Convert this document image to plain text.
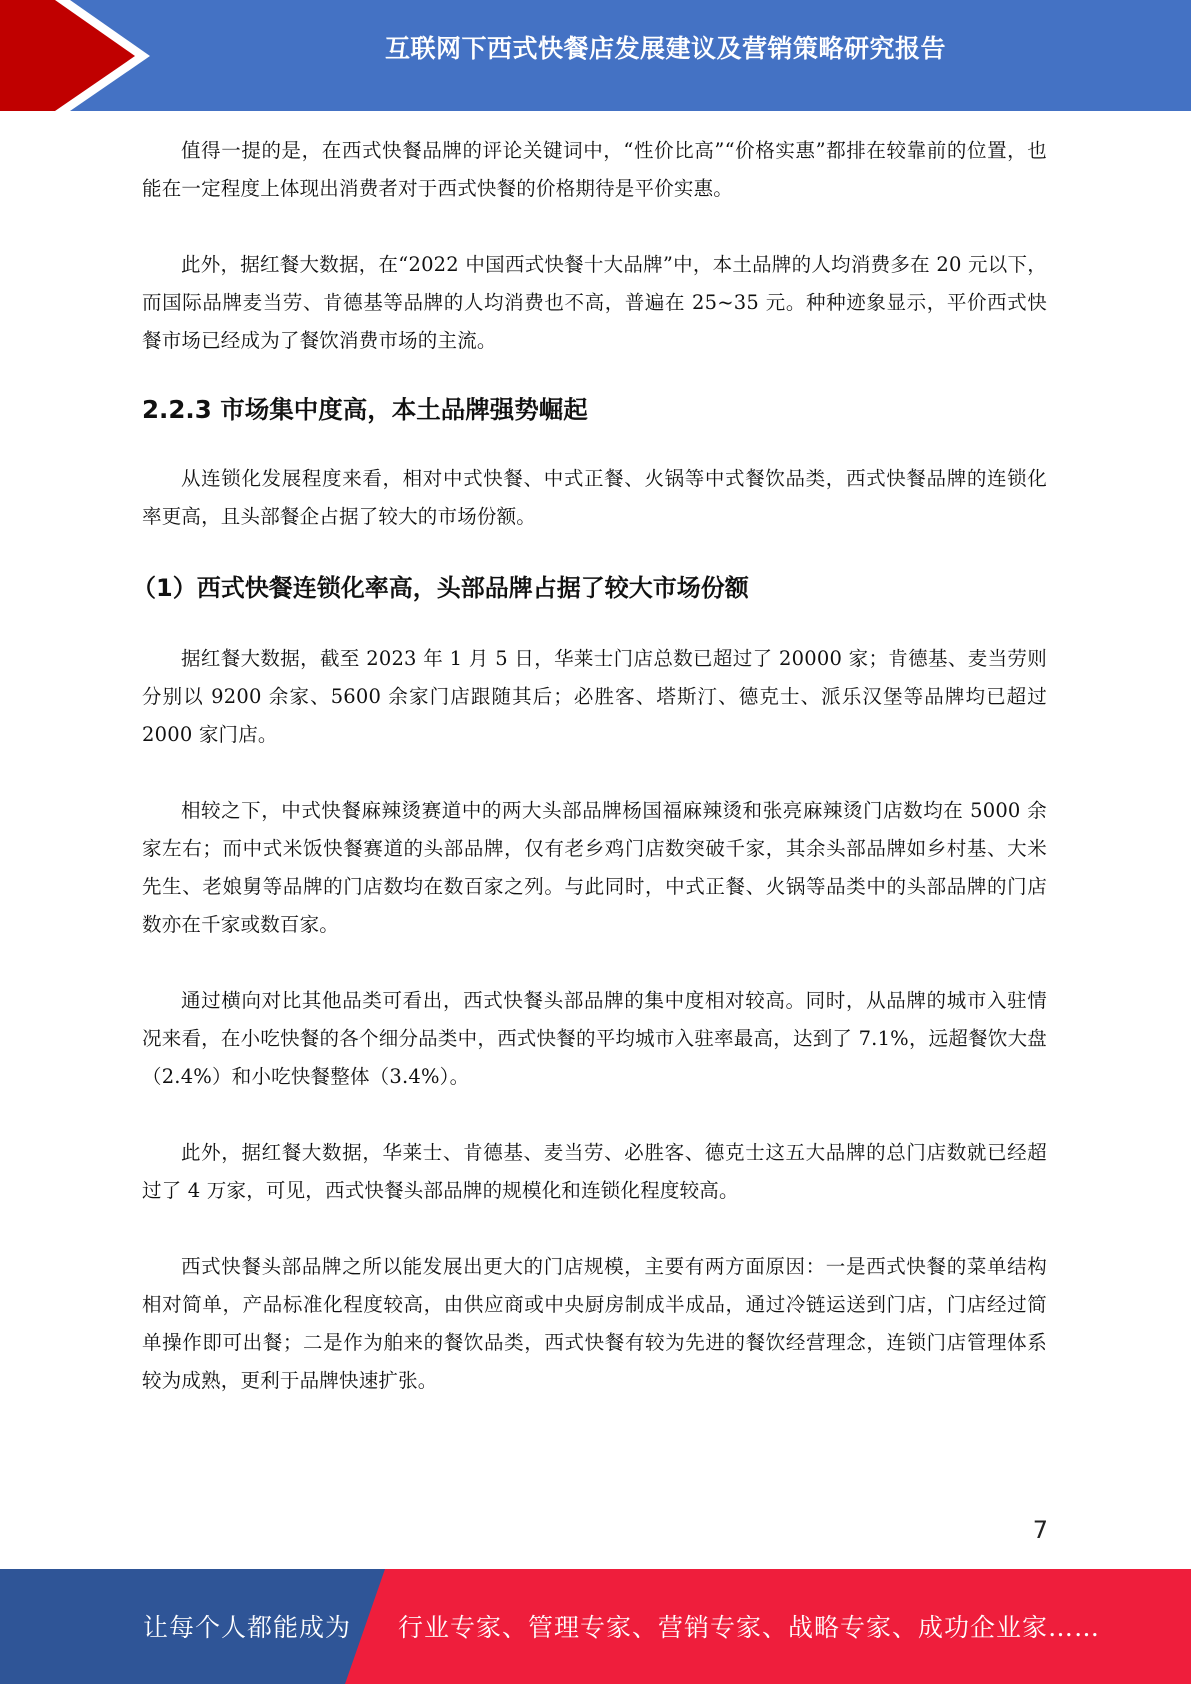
互联网下西式快餐店发展建议及营销策略研究报告

值得一提的是，在西式快餐品牌的评论关键词中，“性价比高”“价格实惠”都排在较靠前的位置，也能在一定程度上体现出消费者对于西式快餐的价格期待是平价实惠。

此外，据红餐大数据，在“2022 中国西式快餐十大品牌”中，本土品牌的人均消费多在 20 元以下，而国际品牌麦当劳、肯德基等品牌的人均消费也不高，普遍在 25~35 元。种种迹象显示，平价西式快餐市场已经成为了餐饮消费市场的主流。

2.2.3 市场集中度高，本土品牌强势崛起

从连锁化发展程度来看，相对中式快餐、中式正餐、火锅等中式餐饮品类，西式快餐品牌的连锁化率更高，且头部餐企占据了较大的市场份额。

（1）西式快餐连锁化率高，头部品牌占据了较大市场份额

据红餐大数据，截至 2023 年 1 月 5 日，华莱士门店总数已超过了 20000 家；肯德基、麦当劳则分别以 9200 余家、5600 余家门店跟随其后；必胜客、塔斯汀、德克士、派乐汉堡等品牌均已超过 2000 家门店。

相较之下，中式快餐麻辣烫赛道中的两大头部品牌杨国福麻辣烫和张亮麻辣烫门店数均在 5000 余家左右；而中式米饭快餐赛道的头部品牌，仅有老乡鸡门店数突破千家，其余头部品牌如乡村基、大米先生、老娘舅等品牌的门店数均在数百家之列。与此同时，中式正餐、火锅等品类中的头部品牌的门店数亦在千家或数百家。

通过横向对比其他品类可看出，西式快餐头部品牌的集中度相对较高。同时，从品牌的城市入驻情况来看，在小吃快餐的各个细分品类中，西式快餐的平均城市入驻率最高，达到了 7.1%，远超餐饮大盘（2.4%）和小吃快餐整体（3.4%）。

此外，据红餐大数据，华莱士、肯德基、麦当劳、必胜客、德克士这五大品牌的总门店数就已经超过了 4 万家，可见，西式快餐头部品牌的规模化和连锁化程度较高。

西式快餐头部品牌之所以能发展出更大的门店规模，主要有两方面原因：一是西式快餐的菜单结构相对简单，产品标准化程度较高，由供应商或中央厨房制成半成品，通过冷链运送到门店，门店经过简单操作即可出餐；二是作为舶来的餐饮品类，西式快餐有较为先进的餐饮经营理念，连锁门店管理体系较为成熟，更利于品牌快速扩张。

7
让每个人都能成为 行业专家、管理专家、营销专家、战略专家、成功企业家……
